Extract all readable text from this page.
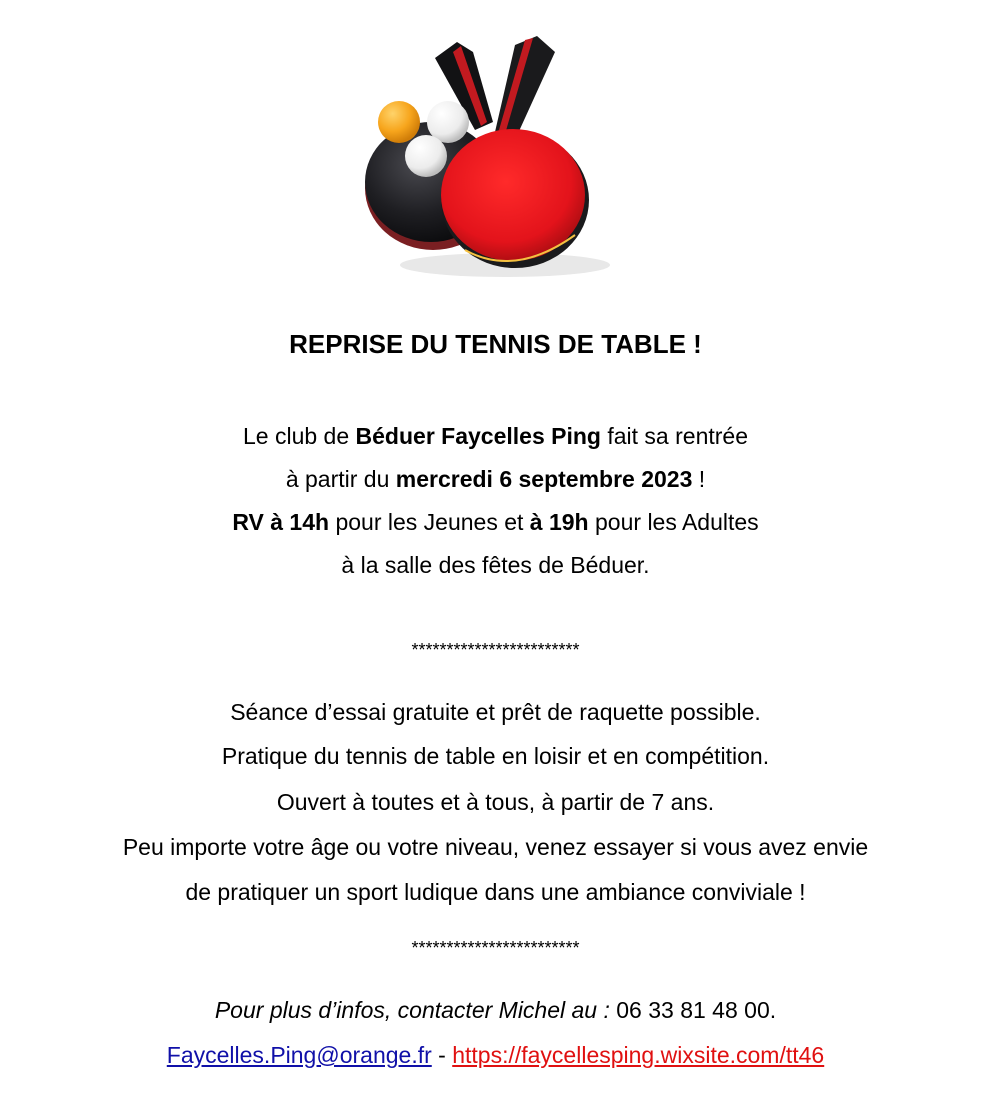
REPRISE DU TENNIS DE TABLE !
Le club de Béduer Faycelles Ping fait sa rentrée
à partir du mercredi 6 septembre 2023 !
RV à 14h pour les Jeunes et à 19h pour les Adultes
à la salle des fêtes de Béduer.
************************
Séance d’essai gratuite et prêt de raquette possible.
Pratique du tennis de table en loisir et en compétition.
Ouvert à toutes et à tous, à partir de 7 ans.
Peu importe votre âge ou votre niveau, venez essayer si vous avez envie
de pratiquer un sport ludique dans une ambiance conviviale !
************************
Pour plus d’infos, contacter Michel au : 06 33 81 48 00.
Faycelles.Ping@orange.fr - https://faycellesping.wixsite.com/tt46
